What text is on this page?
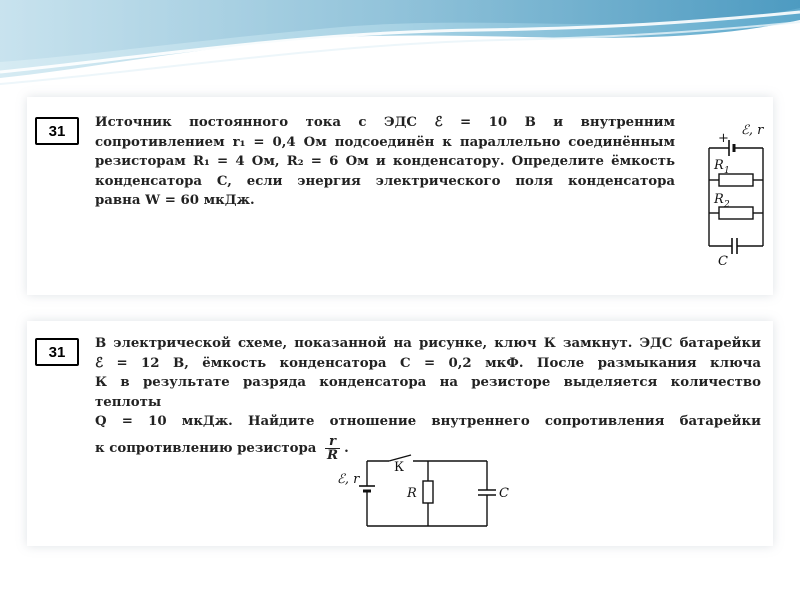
31	Источник постоянного тока с ЭДС ℰ = 10 В и внутренним
сопротивлением r₁ = 0,4 Ом подсоединён к параллельно соединённым
резисторам R₁ = 4 Ом, R₂ = 6 Ом и конденсатору. Определите ёмкость
конденсатора C, если энергия электрического поля конденсатора
равна W = 60 мкДж.
ℰ, r
+
R 1
R 2
C
31	В электрической схеме, показанной на рисунке, ключ К замкнут. ЭДС батарейки
ℰ = 12 В, ёмкость конденсатора C = 0,2 мкФ. После размыкания ключа
К в результате разряда конденсатора на резисторе выделяется количество теплоты
Q = 10 мкДж. Найдите отношение внутреннего сопротивления батарейки
к сопротивлению резистора $\frac{r}{R}$ .
ℰ, r
К
R	C
